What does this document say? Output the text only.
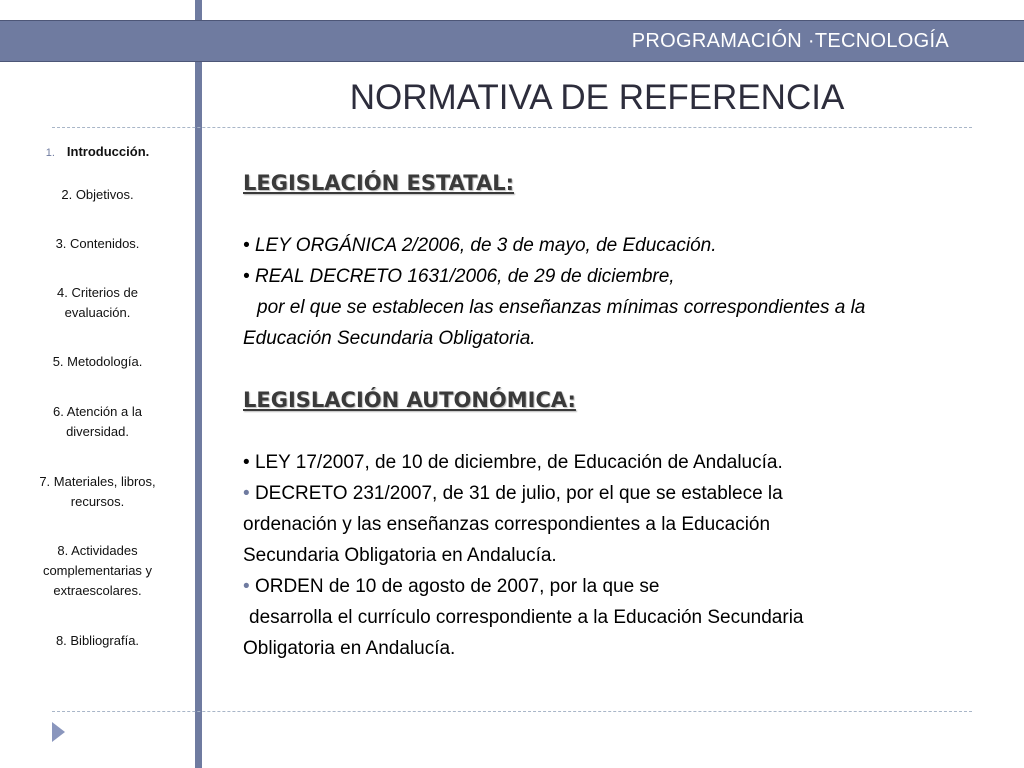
PROGRAMACIÓN ·TECNOLOGÍA
NORMATIVA DE REFERENCIA
1. Introducción.
2. Objetivos.
3. Contenidos.
4. Criterios de
evaluación.
5. Metodología.
6. Atención a la
diversidad.
7. Materiales, libros,
recursos.
8. Actividades
complementarias y
extraescolares.
8. Bibliografía.
LEGISLACIÓN ESTATAL:
• LEY ORGÁNICA 2/2006, de 3 de mayo, de Educación.
• REAL DECRETO 1631/2006, de 29 de diciembre,
por el que se establecen las enseñanzas mínimas correspondientes a la
Educación Secundaria Obligatoria.
LEGISLACIÓN AUTONÓMICA:
• LEY 17/2007, de 10 de diciembre, de Educación de Andalucía.
• DECRETO 231/2007, de 31 de julio, por el que se establece la
ordenación y las enseñanzas correspondientes a la Educación
Secundaria Obligatoria en Andalucía.
• ORDEN de 10 de agosto de 2007, por la que se
desarrolla el currículo correspondiente a la Educación Secundaria
Obligatoria en Andalucía.
